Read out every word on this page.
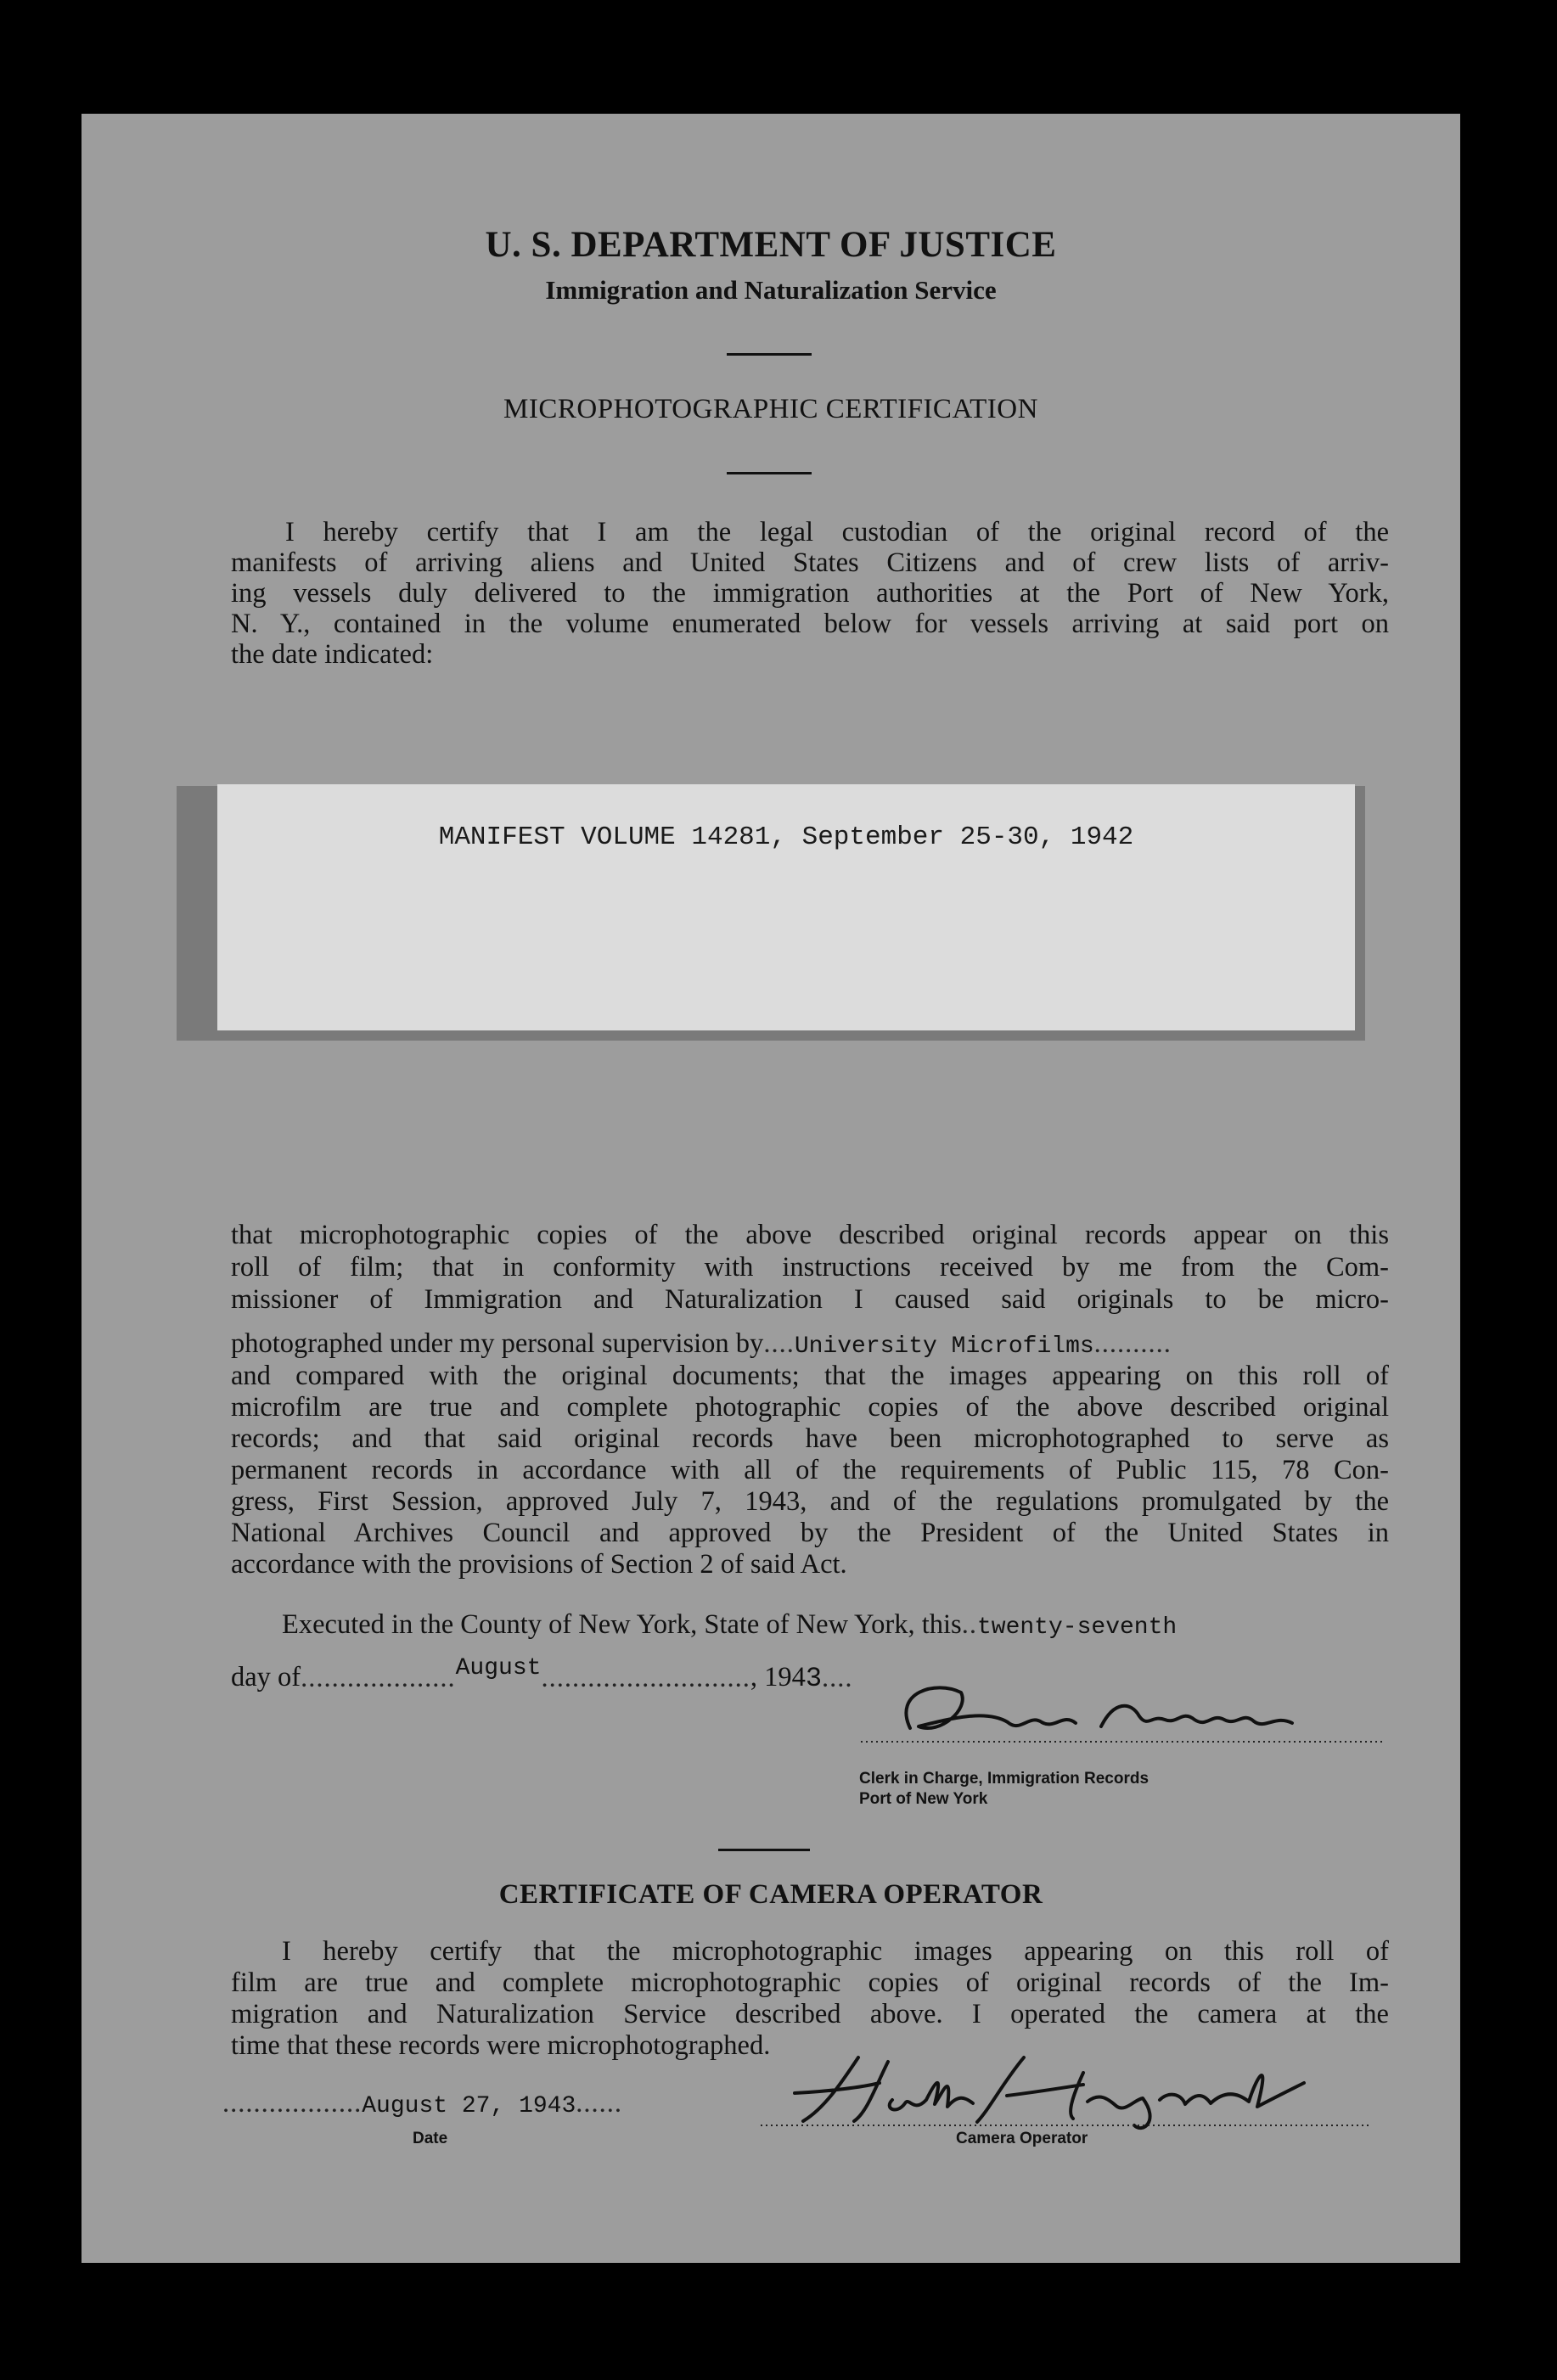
U. S. DEPARTMENT OF JUSTICE
Immigration and Naturalization Service
MICROPHOTOGRAPHIC CERTIFICATION
I hereby certify that I am the legal custodian of the original record of the
manifests of arriving aliens and United States Citizens and of crew lists of arriv-
ing vessels duly delivered to the immigration authorities at the Port of New York,
N. Y., contained in the volume enumerated below for vessels arriving at said port on
the date indicated:
MANIFEST VOLUME 14281, September 25-30, 1942
that microphotographic copies of the above described original records appear on this
roll of film; that in conformity with instructions received by me from the Com-
missioner of Immigration and Naturalization I caused said originals to be micro-
photographed under my personal supervision by....University Microfilms..........
and compared with the original documents; that the images appearing on this roll of
microfilm are true and complete photographic copies of the above described original
records; and that said original records have been microphotographed to serve as
permanent records in accordance with all of the requirements of Public 115, 78 Con-
gress, First Session, approved July 7, 1943, and of the regulations promulgated by the
National Archives Council and approved by the President of the United States in
accordance with the provisions of Section 2 of said Act.
Executed in the County of New York, State of New York, this..twenty-seventh
day of....................August..........................., 1943....
Clerk in Charge, Immigration Records
Port of New York
CERTIFICATE OF CAMERA OPERATOR
I hereby certify that the microphotographic images appearing on this roll of
film are true and complete microphotographic copies of original records of the Im-
migration and Naturalization Service described above. I operated the camera at the
time that these records were microphotographed.
..................August 27, 1943......
Date	Camera Operator
